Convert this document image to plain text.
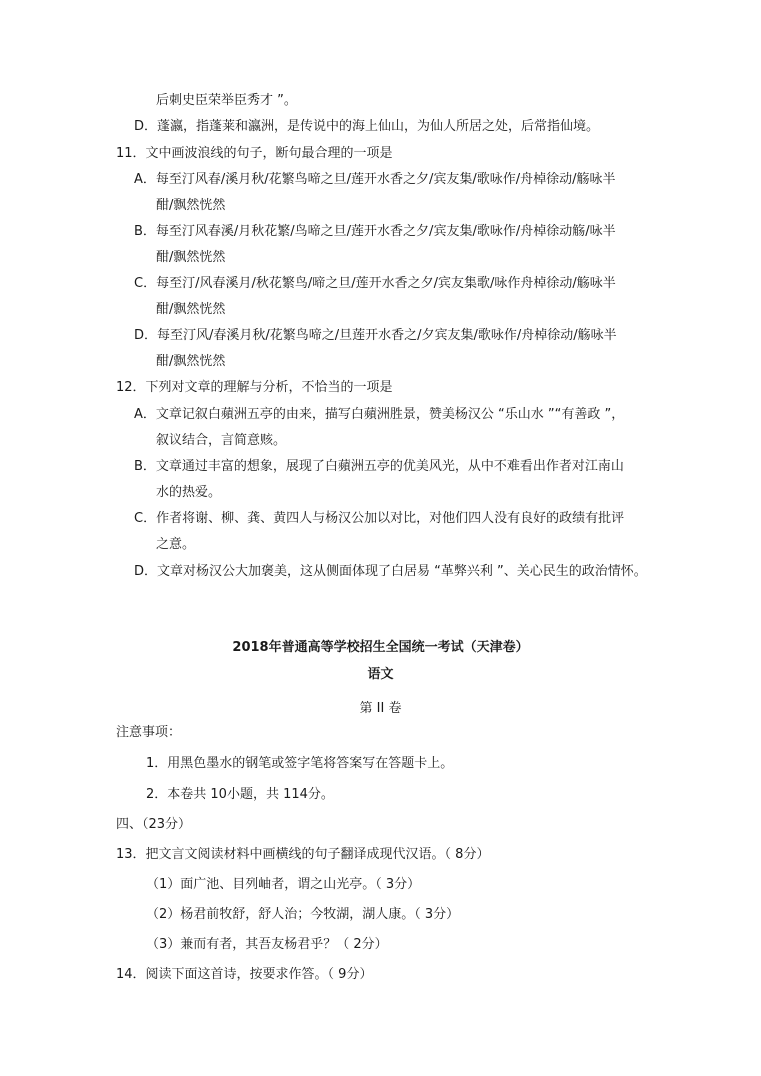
后刺史臣荣举臣秀才 ”。
D．蓬瀛，指蓬莱和瀛洲，是传说中的海上仙山，为仙人所居之处，后常指仙境。
11．文中画波浪线的句子，断句最合理的一项是
A．每至汀风春/溪月秋/花繁鸟啼之旦/莲开水香之夕/宾友集/歌咏作/舟棹徐动/觞咏半
酣/飘然恍然
B．每至汀风春溪/月秋花繁/鸟啼之旦/莲开水香之夕/宾友集/歌咏作/舟棹徐动觞/咏半
酣/飘然恍然
C．每至汀/风春溪月/秋花繁鸟/啼之旦/莲开水香之夕/宾友集歌/咏作舟棹徐动/觞咏半
酣/飘然恍然
D．每至汀风/春溪月秋/花繁鸟啼之/旦莲开水香之/夕宾友集/歌咏作/舟棹徐动/觞咏半
酣/飘然恍然
12．下列对文章的理解与分析，不恰当的一项是
A．文章记叙白蘋洲五亭的由来，描写白蘋洲胜景，赞美杨汉公 “乐山水 ”“有善政 ”，
叙议结合，言简意赅。
B．文章通过丰富的想象，展现了白蘋洲五亭的优美风光，从中不难看出作者对江南山
水的热爱。
C．作者将谢、柳、龚、黄四人与杨汉公加以对比，对他们四人没有良好的政绩有批评
之意。
D．文章对杨汉公大加褒美，这从侧面体现了白居易 “革弊兴利 ”、关心民生的政治情怀。
2018年普通高等学校招生全国统一考试（天津卷）
语文
第 II 卷
注意事项：
1．用黑色墨水的钢笔或签字笔将答案写在答题卡上。
2．本卷共 10小题，共 114分。
四、（23分）
13．把文言文阅读材料中画横线的句子翻译成现代汉语。（ 8分）
（1）面广池、目列岫者，谓之山光亭。（ 3分）
（2）杨君前牧舒，舒人治；今牧湖，湖人康。（ 3分）
（3）兼而有者，其吾友杨君乎？（ 2分）
14．阅读下面这首诗，按要求作答。（ 9分）
